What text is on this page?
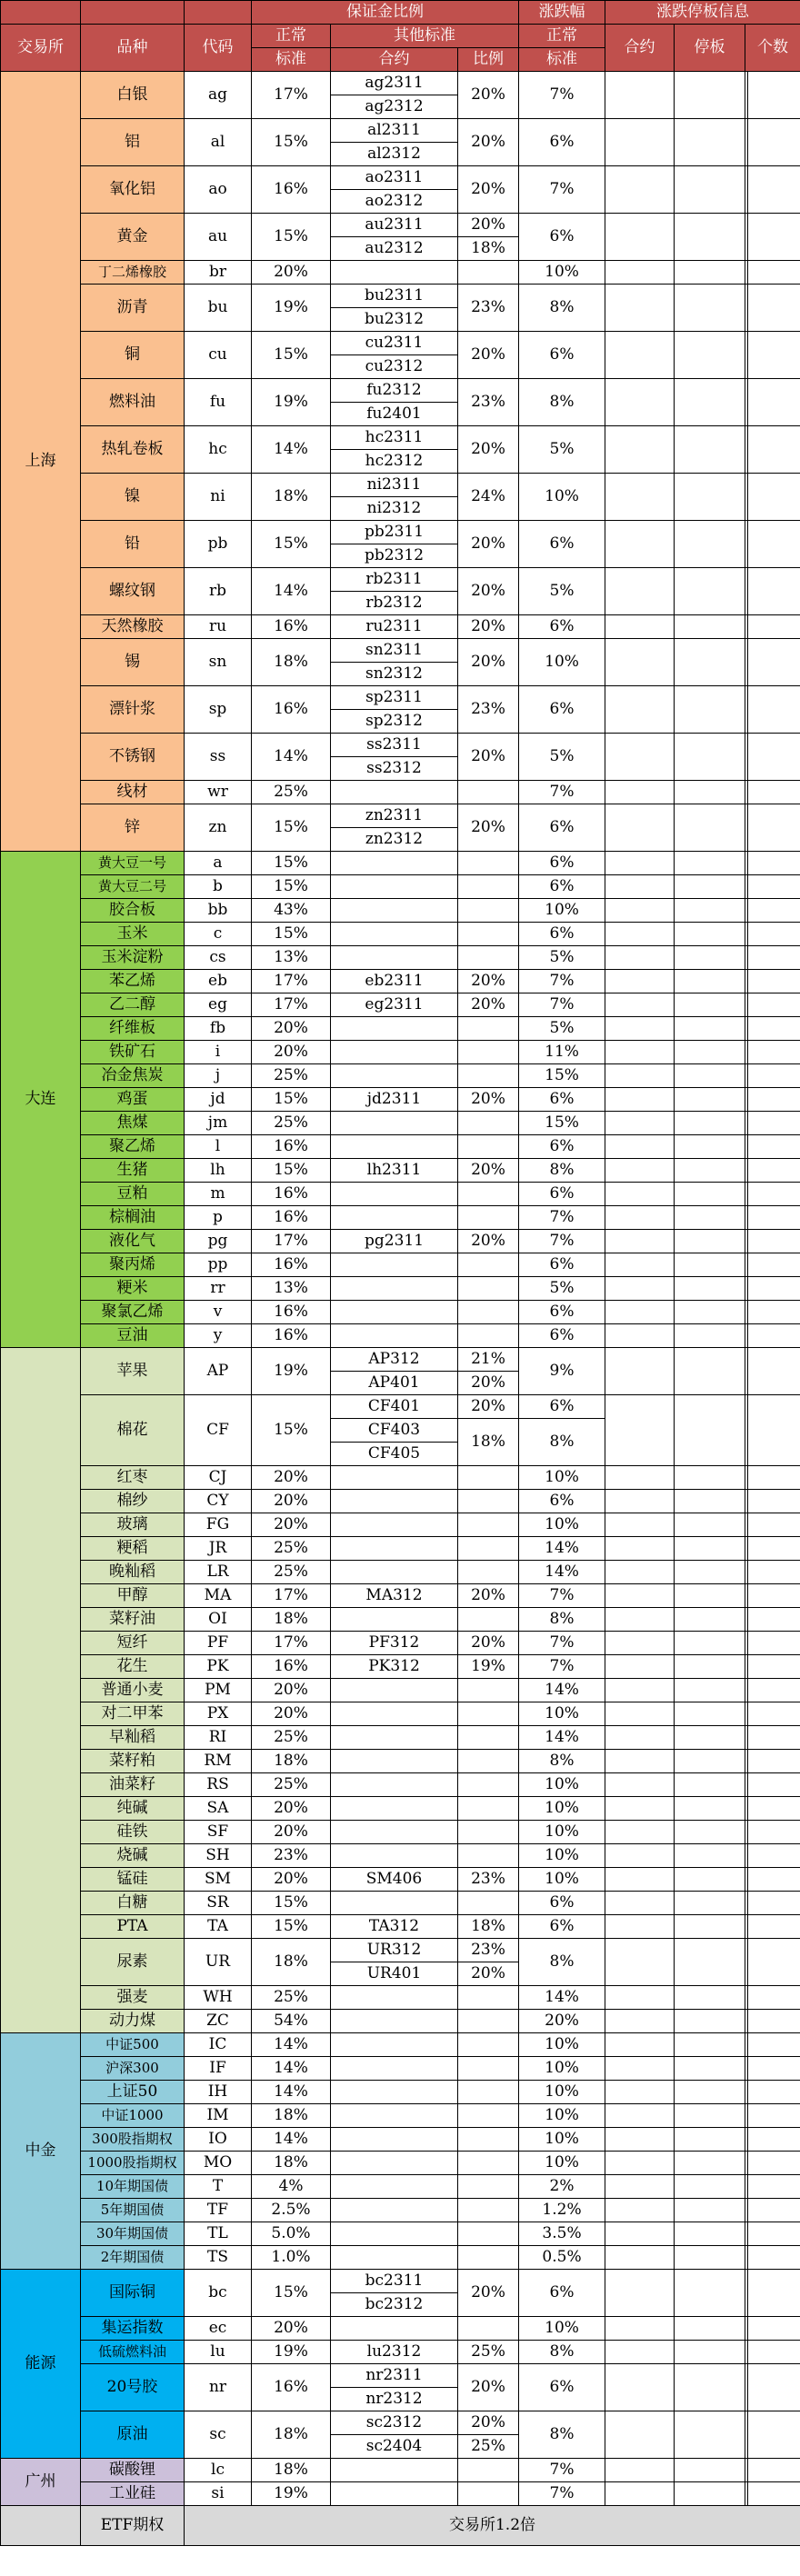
			保证金比例			涨跌幅	涨跌停板信息			
交易所	品种	代码	正常	其他标准		正常	合约	停板	个数	
			标准	合约	比例	标准				
上海	白银	ag	17%	ag2311	20%	7%				
				ag2312						
	铝	al	15%	al2311	20%	6%				
				al2312						
	氧化铝	ao	16%	ao2311	20%	7%				
				ao2312						
	黄金	au	15%	au2311	20%	6%				
				au2312	18%					
	丁二烯橡胶	br	20%			10%				
	沥青	bu	19%	bu2311	23%	8%				
				bu2312						
	铜	cu	15%	cu2311	20%	6%				
				cu2312						
	燃料油	fu	19%	fu2312	23%	8%				
				fu2401						
	热轧卷板	hc	14%	hc2311	20%	5%				
				hc2312						
	镍	ni	18%	ni2311	24%	10%				
				ni2312						
	铅	pb	15%	pb2311	20%	6%				
				pb2312						
	螺纹钢	rb	14%	rb2311	20%	5%				
				rb2312						
	天然橡胶	ru	16%	ru2311	20%	6%				
	锡	sn	18%	sn2311	20%	10%				
				sn2312						
	漂针浆	sp	16%	sp2311	23%	6%				
				sp2312						
	不锈钢	ss	14%	ss2311	20%	5%				
				ss2312						
	线材	wr	25%			7%				
	锌	zn	15%	zn2311	20%	6%				
				zn2312						
大连	黄大豆一号	a	15%			6%				
	黄大豆二号	b	15%			6%				
	胶合板	bb	43%			10%				
	玉米	c	15%			6%				
	玉米淀粉	cs	13%			5%				
	苯乙烯	eb	17%	eb2311	20%	7%				
	乙二醇	eg	17%	eg2311	20%	7%				
	纤维板	fb	20%			5%				
	铁矿石	i	20%			11%				
	冶金焦炭	j	25%			15%				
	鸡蛋	jd	15%	jd2311	20%	6%				
	焦煤	jm	25%			15%				
	聚乙烯	l	16%			6%				
	生猪	lh	15%	lh2311	20%	8%				
	豆粕	m	16%			6%				
	棕榈油	p	16%			7%				
	液化气	pg	17%	pg2311	20%	7%				
	聚丙烯	pp	16%			6%				
	粳米	rr	13%			5%				
	聚氯乙烯	v	16%			6%				
	豆油	y	16%			6%				
	苹果	AP	19%	AP312	21%	9%				
				AP401	20%					
	棉花	CF	15%	CF401	20%	6%				
				CF403	18%	8%				
				CF405						
	红枣	CJ	20%			10%				
	棉纱	CY	20%			6%				
	玻璃	FG	20%			10%				
	粳稻	JR	25%			14%				
	晚籼稻	LR	25%			14%				
	甲醇	MA	17%	MA312	20%	7%				
	菜籽油	OI	18%			8%				
	短纤	PF	17%	PF312	20%	7%				
	花生	PK	16%	PK312	19%	7%				
	普通小麦	PM	20%			14%				
	对二甲苯	PX	20%			10%				
	早籼稻	RI	25%			14%				
	菜籽粕	RM	18%			8%				
	油菜籽	RS	25%			10%				
	纯碱	SA	20%			10%				
	硅铁	SF	20%			10%				
	烧碱	SH	23%			10%				
	锰硅	SM	20%	SM406	23%	10%				
	白糖	SR	15%			6%				
	PTA	TA	15%	TA312	18%	6%				
	尿素	UR	18%	UR312	23%	8%				
				UR401	20%					
	强麦	WH	25%			14%				
	动力煤	ZC	54%			20%				
中金	中证500	IC	14%			10%				
	沪深300	IF	14%			10%				
	上证50	IH	14%			10%				
	中证1000	IM	18%			10%				
	300股指期权	IO	14%			10%				
	1000股指期权	MO	18%			10%				
	10年期国债	T	4%			2%				
	5年期国债	TF	2.5%			1.2%				
	30年期国债	TL	5.0%			3.5%				
	2年期国债	TS	1.0%			0.5%				
能源	国际铜	bc	15%	bc2311	20%	6%				
				bc2312						
	集运指数	ec	20%			10%				
	低硫燃料油	lu	19%	lu2312	25%	8%				
	20号胶	nr	16%	nr2311	20%	6%				
				nr2312						
	原油	sc	18%	sc2312	20%	8%				
				sc2404	25%					
广州	碳酸锂	lc	18%			7%				
	工业硅	si	19%			7%				
	ETF期权	交易所1.2倍								
